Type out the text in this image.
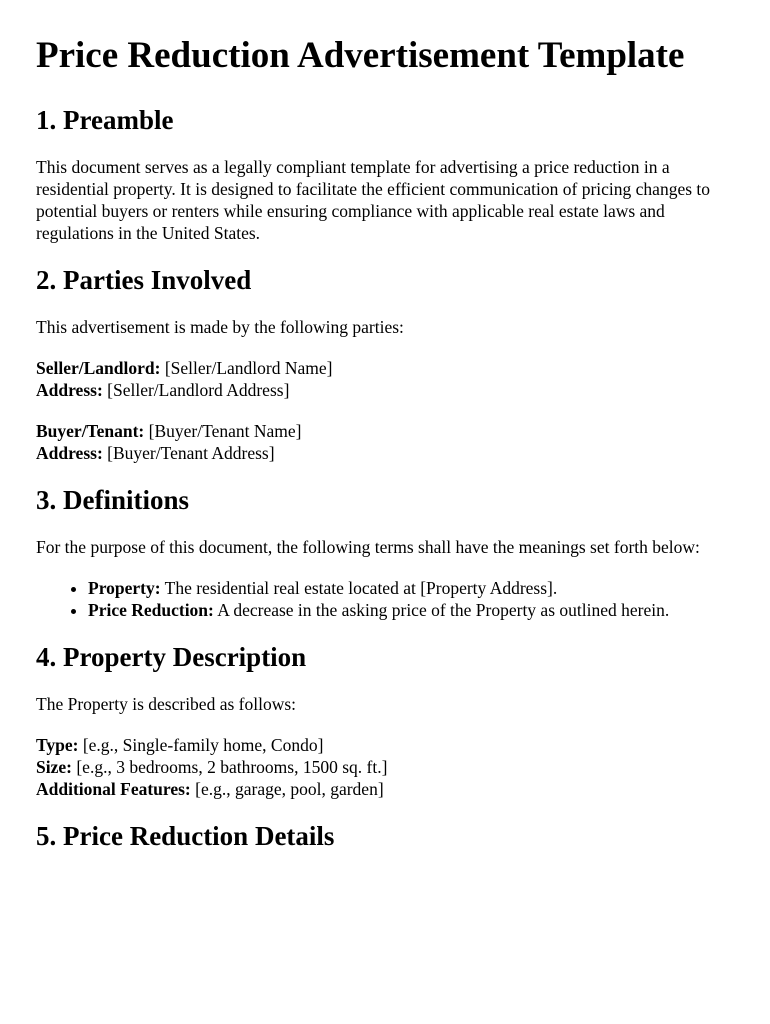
Price Reduction Advertisement Template
1. Preamble

This document serves as a legally compliant template for advertising a price reduction in a residential property. It is designed to facilitate the efficient communication of pricing changes to potential buyers or renters while ensuring compliance with applicable real estate laws and regulations in the United States.

2. Parties Involved

This advertisement is made by the following parties:

Seller/Landlord: [Seller/Landlord Name]
Address: [Seller/Landlord Address]
Buyer/Tenant: [Buyer/Tenant Name]
Address: [Buyer/Tenant Address]
3. Definitions

For the purpose of this document, the following terms shall have the meanings set forth below:

• Property: The residential real estate located at [Property Address].
• Price Reduction: A decrease in the asking price of the Property as outlined herein.
4. Property Description

The Property is described as follows:

Type: [e.g., Single-family home, Condo]
Size: [e.g., 3 bedrooms, 2 bathrooms, 1500 sq. ft.]
Additional Features: [e.g., garage, pool, garden]
5. Price Reduction Details
